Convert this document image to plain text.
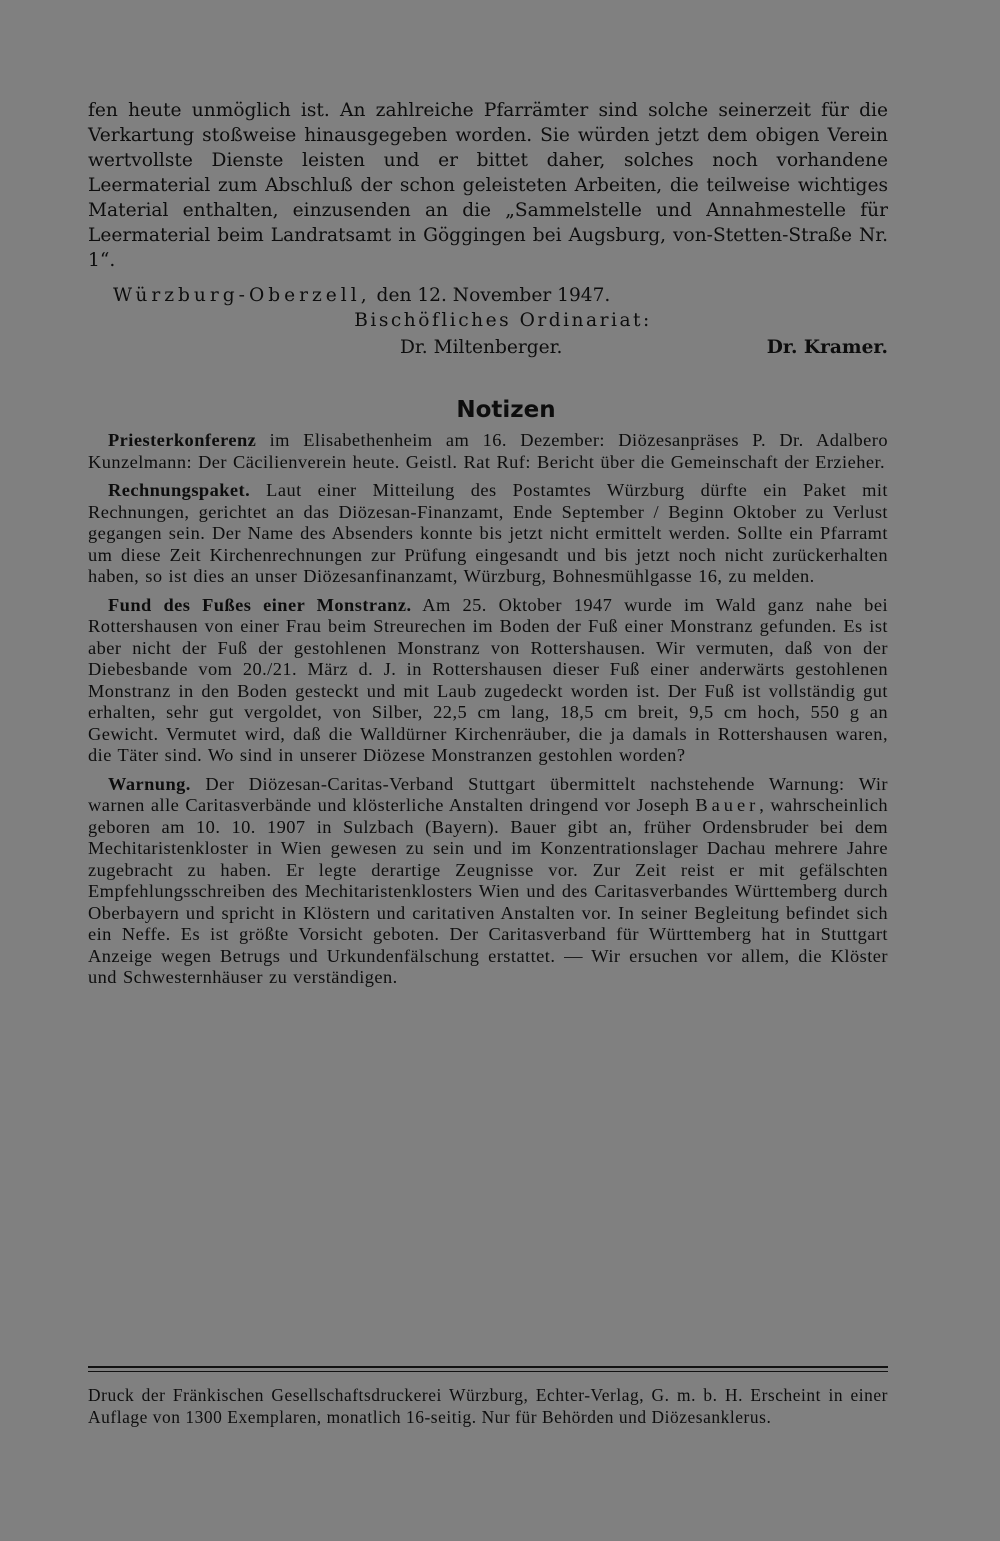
fen heute unmöglich ist. An zahlreiche Pfarrämter sind solche seinerzeit für die Verkartung stoßweise hinausgegeben worden. Sie würden jetzt dem obigen Verein wertvollste Dienste leisten und er bittet daher, solches noch vorhandene Leermaterial zum Abschluß der schon geleisteten Arbeiten, die teilweise wichtiges Material enthalten, einzusenden an die „Sammelstelle und Annahmestelle für Leermaterial beim Landratsamt in Göggingen bei Augsburg, von-Stetten-Straße Nr. 1“.

Würzburg-Oberzell, den 12. November 1947.
Bischöfliches Ordinariat:
Dr. Miltenberger.	Dr. Kramer.
Notizen

Priesterkonferenz im Elisabethenheim am 16. Dezember: Diözesanpräses P. Dr. Adalbero Kunzelmann: Der Cäcilienverein heute. Geistl. Rat Ruf: Bericht über die Gemeinschaft der Erzieher.

Rechnungspaket. Laut einer Mitteilung des Postamtes Würzburg dürfte ein Paket mit Rechnungen, gerichtet an das Diözesan-Finanzamt, Ende September / Beginn Oktober zu Verlust gegangen sein. Der Name des Absenders konnte bis jetzt nicht ermittelt werden. Sollte ein Pfarramt um diese Zeit Kirchenrechnungen zur Prüfung eingesandt und bis jetzt noch nicht zurückerhalten haben, so ist dies an unser Diözesanfinanzamt, Würzburg, Bohnesmühlgasse 16, zu melden.

Fund des Fußes einer Monstranz. Am 25. Oktober 1947 wurde im Wald ganz nahe bei Rottershausen von einer Frau beim Streurechen im Boden der Fuß einer Monstranz gefunden. Es ist aber nicht der Fuß der gestohlenen Monstranz von Rottershausen. Wir vermuten, daß von der Diebesbande vom 20./21. März d. J. in Rottershausen dieser Fuß einer anderwärts gestohlenen Monstranz in den Boden gesteckt und mit Laub zugedeckt worden ist. Der Fuß ist vollständig gut erhalten, sehr gut vergoldet, von Silber, 22,5 cm lang, 18,5 cm breit, 9,5 cm hoch, 550 g an Gewicht. Vermutet wird, daß die Walldürner Kirchenräuber, die ja damals in Rottershausen waren, die Täter sind. Wo sind in unserer Diözese Monstranzen gestohlen worden?

Warnung. Der Diözesan-Caritas-Verband Stuttgart übermittelt nachstehende Warnung: Wir warnen alle Caritasverbände und klösterliche Anstalten dringend vor Joseph Bauer, wahrscheinlich geboren am 10. 10. 1907 in Sulzbach (Bayern). Bauer gibt an, früher Ordensbruder bei dem Mechitaristenkloster in Wien gewesen zu sein und im Konzentrationslager Dachau mehrere Jahre zugebracht zu haben. Er legte derartige Zeugnisse vor. Zur Zeit reist er mit gefälschten Empfehlungsschreiben des Mechitaristenklosters Wien und des Caritasverbandes Württemberg durch Oberbayern und spricht in Klöstern und caritativen Anstalten vor. In seiner Begleitung befindet sich ein Neffe. Es ist größte Vorsicht geboten. Der Caritasverband für Württemberg hat in Stuttgart Anzeige wegen Betrugs und Urkundenfälschung erstattet. — Wir ersuchen vor allem, die Klöster und Schwesternhäuser zu verständigen.

Druck der Fränkischen Gesellschaftsdruckerei Würzburg, Echter-Verlag, G. m. b. H. Erscheint in einer Auflage von 1300 Exemplaren, monatlich 16-seitig. Nur für Behörden und Diözesanklerus.
